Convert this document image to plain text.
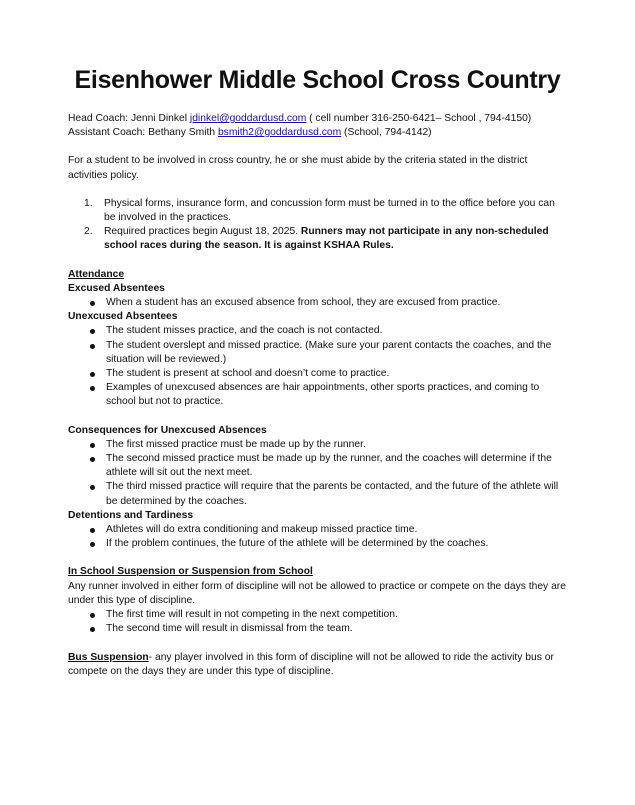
Eisenhower Middle School Cross Country
Head Coach: Jenni Dinkel jdinkel@goddardusd.com ( cell number 316-250-6421– School , 794-4150)
Assistant Coach: Bethany Smith bsmith2@goddardusd.com (School, 794-4142)

For a student to be involved in cross country, he or she must abide by the criteria stated in the district activities policy.

1. Physical forms, insurance form, and concussion form must be turned in to the office before you can be involved in the practices.
2. Required practices begin August 18, 2025. Runners may not participate in any non-scheduled school races during the season. It is against KSHAA Rules.
Attendance
Excused Absentees
When a student has an excused absence from school, they are excused from practice.
Unexcused Absentees
The student misses practice, and the coach is not contacted.
The student overslept and missed practice. (Make sure your parent contacts the coaches, and the situation will be reviewed.)
The student is present at school and doesn’t come to practice.
Examples of unexcused absences are hair appointments, other sports practices, and coming to school but not to practice.
Consequences for Unexcused Absences
The first missed practice must be made up by the runner.
The second missed practice must be made up by the runner, and the coaches will determine if the athlete will sit out the next meet.
The third missed practice will require that the parents be contacted, and the future of the athlete will be determined by the coaches.
Detentions and Tardiness
Athletes will do extra conditioning and makeup missed practice time.
If the problem continues, the future of the athlete will be determined by the coaches.
In School Suspension or Suspension from School

Any runner involved in either form of discipline will not be allowed to practice or compete on the days they are under this type of discipline.

The first time will result in not competing in the next competition.
The second time will result in dismissal from the team.

Bus Suspension- any player involved in this form of discipline will not be allowed to ride the activity bus or compete on the days they are under this type of discipline.
